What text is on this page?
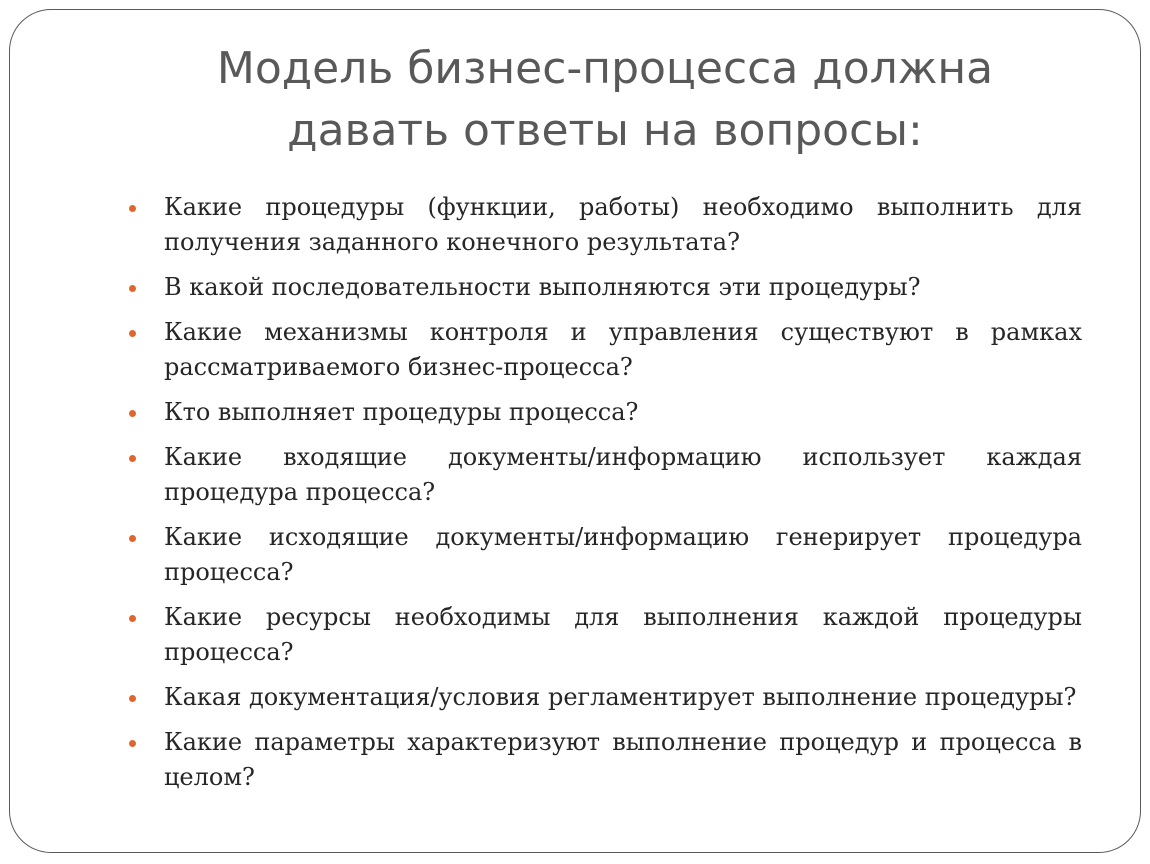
Модель бизнес-процесса должна давать ответы на вопросы:
Какие процедуры (функции, работы) необходимо выполнить для получения заданного конечного результата?
В какой последовательности выполняются эти процедуры?
Какие механизмы контроля и управления существуют в рамках рассматриваемого бизнес-процесса?
Кто выполняет процедуры процесса?
Какие входящие документы/информацию использует каждая процедура процесса?
Какие исходящие документы/информацию генерирует процедура процесса?
Какие ресурсы необходимы для выполнения каждой процедуры процесса?
Какая документация/условия регламентирует выполнение процедуры?
Какие параметры характеризуют выполнение процедур и процесса в целом?
